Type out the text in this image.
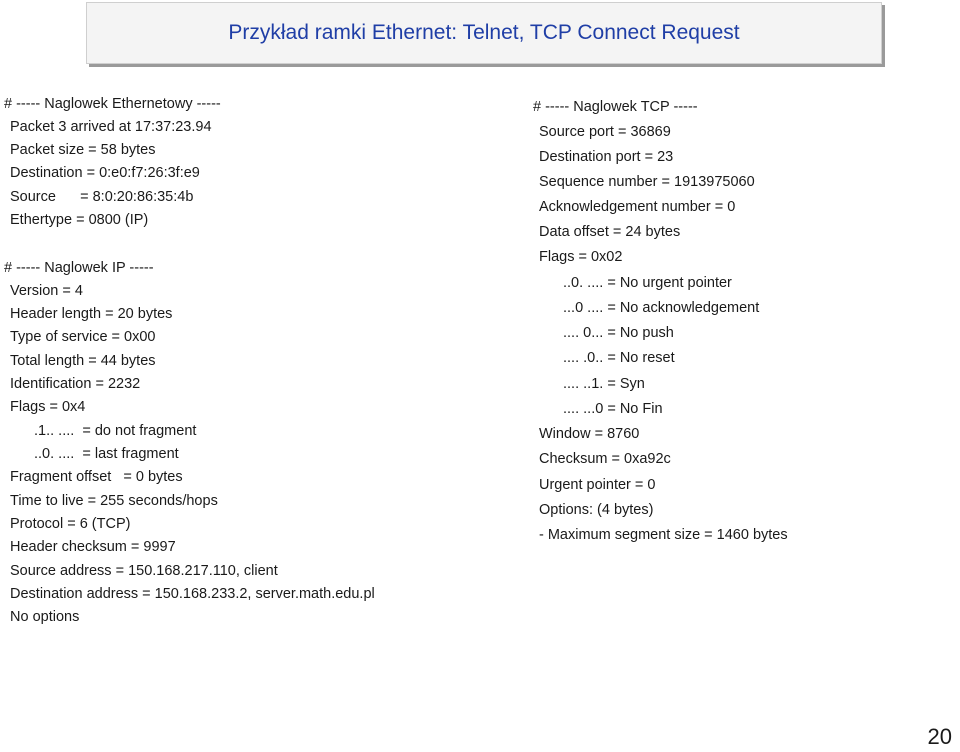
Przykład ramki Ethernet: Telnet, TCP Connect Request
# ----- Naglowek Ethernetowy -----
Packet 3 arrived at 17:37:23.94
Packet size = 58 bytes
Destination = 0:e0:f7:26:3f:e9
Source      = 8:0:20:86:35:4b
Ethertype = 0800 (IP)
# ----- Naglowek IP -----
Version = 4
Header length = 20 bytes
Type of service = 0x00
Total length = 44 bytes
Identification = 2232
Flags = 0x4
.1.. ....  = do not fragment
..0. ....  = last fragment
Fragment offset   = 0 bytes
Time to live = 255 seconds/hops
Protocol = 6 (TCP)
Header checksum = 9997
Source address = 150.168.217.110, client
Destination address = 150.168.233.2, server.math.edu.pl
No options
# ----- Naglowek TCP -----
Source port = 36869
Destination port = 23
Sequence number = 1913975060
Acknowledgement number = 0
Data offset = 24 bytes
Flags = 0x02
..0. .... = No urgent pointer
...0 .... = No acknowledgement
.... 0... = No push
.... .0.. = No reset
.... ..1. = Syn
.... ...0 = No Fin
Window = 8760
Checksum = 0xa92c
Urgent pointer = 0
Options: (4 bytes)
- Maximum segment size = 1460 bytes
20
